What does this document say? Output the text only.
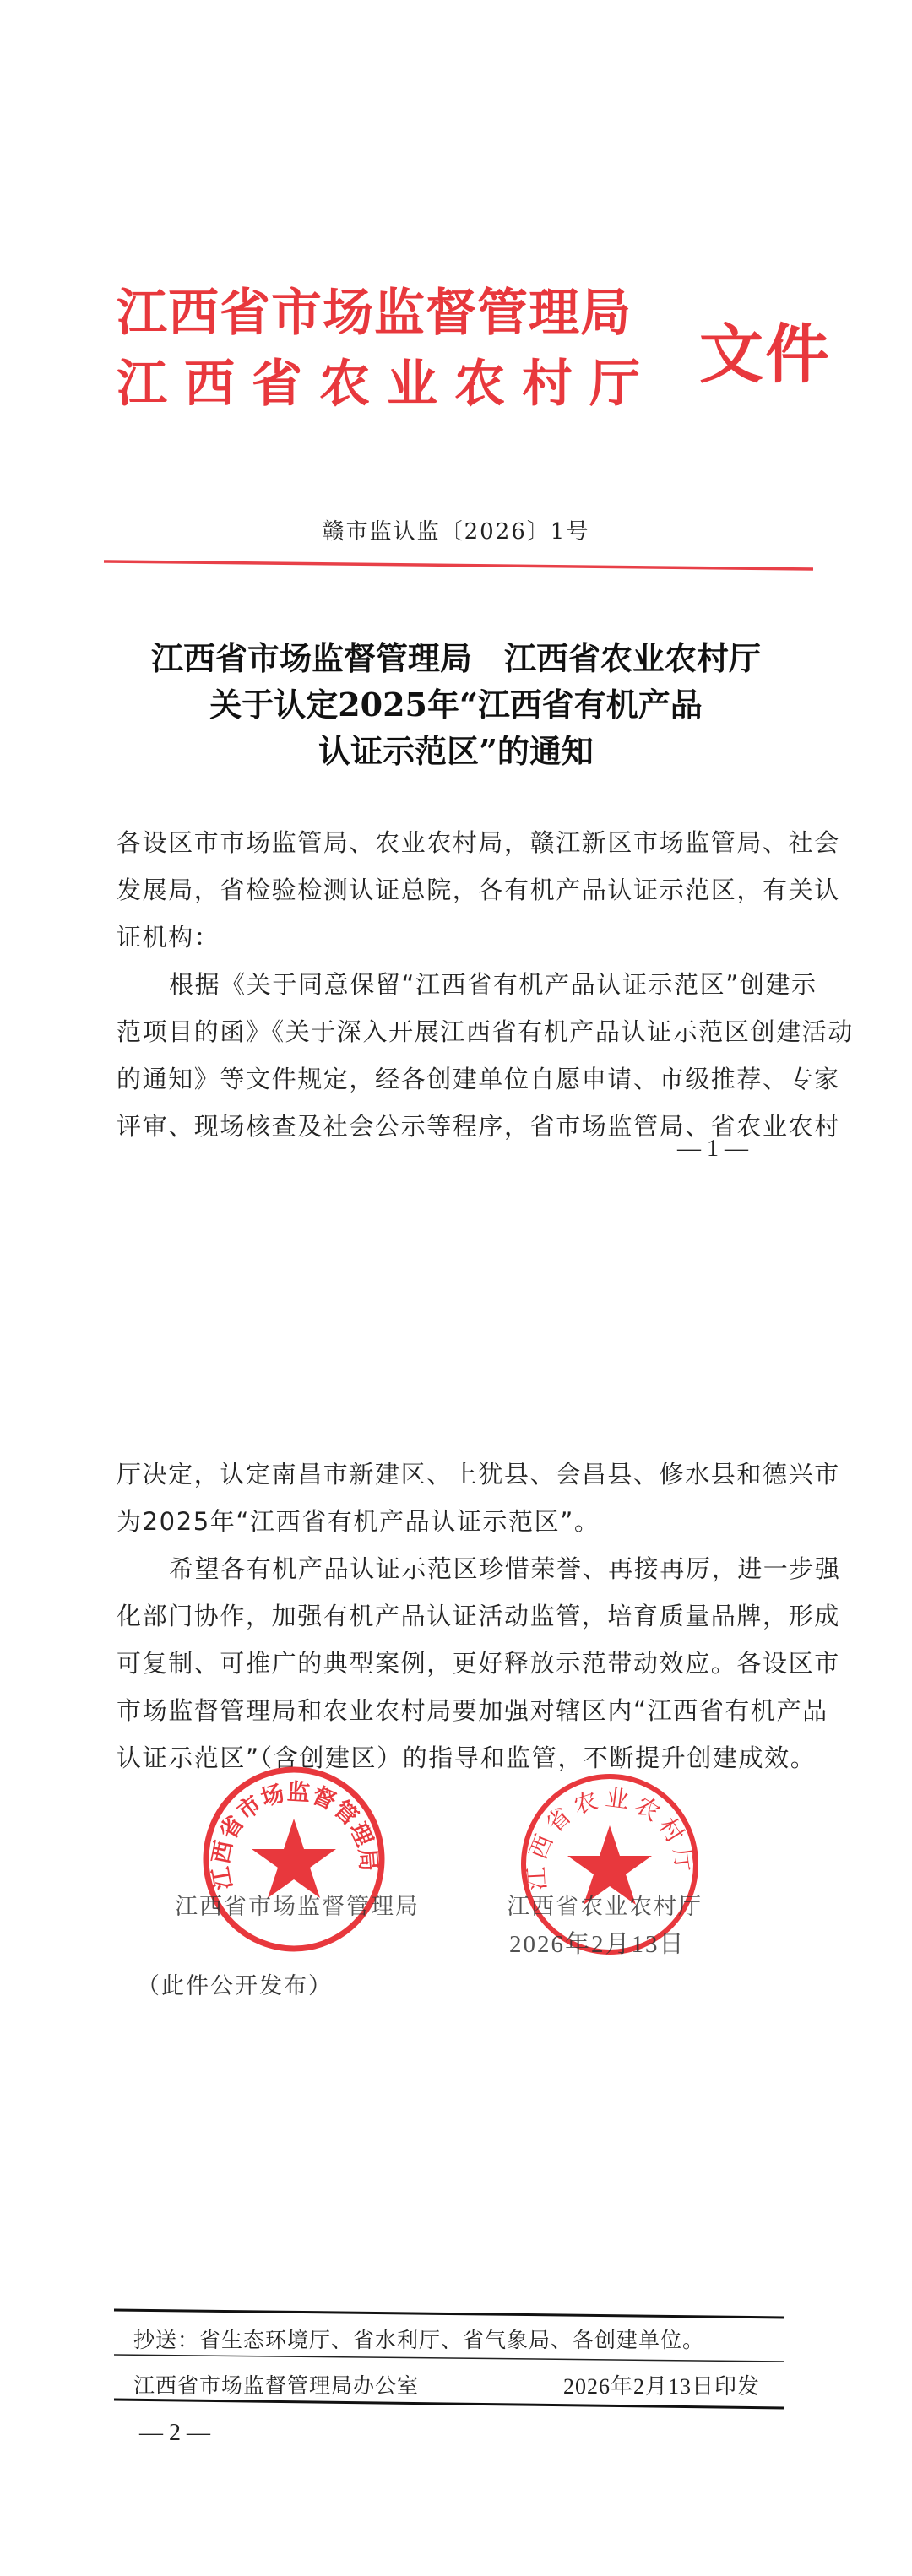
江西省市场监督管理局
江西省农业农村厅 文件
赣市监认监〔2026〕1号
江西省市场监督管理局　江西省农业农村厅
关于认定2025年“江西省有机产品
认证示范区”的通知
各设区市市场监管局、农业农村局，赣江新区市场监管局、社会
发展局，省检验检测认证总院，各有机产品认证示范区，有关认
证机构：
根据《关于同意保留“江西省有机产品认证示范区”创建示
范项目的函》《关于深入开展江西省有机产品认证示范区创建活动
的通知》等文件规定，经各创建单位自愿申请、市级推荐、专家
评审、现场核查及社会公示等程序，省市场监管局、省农业农村
— 1 —
厅决定，认定南昌市新建区、上犹县、会昌县、修水县和德兴市
为2025年“江西省有机产品认证示范区”。
希望各有机产品认证示范区珍惜荣誉、再接再厉，进一步强
化部门协作，加强有机产品认证活动监管，培育质量品牌，形成
可复制、可推广的典型案例，更好释放示范带动效应。各设区市
市场监督管理局和农业农村局要加强对辖区内“江西省有机产品
认证示范区”（含创建区）的指导和监管，不断提升创建成效。
江西省市场监督管理局
江西省农业农村厅
江西省市场监督管理局	江西省农业农村厅
2026年2月13日
（此件公开发布）
抄送：省生态环境厅、省水利厅、省气象局、各创建单位。
江西省市场监督管理局办公室	2026年2月13日印发
— 2 —
